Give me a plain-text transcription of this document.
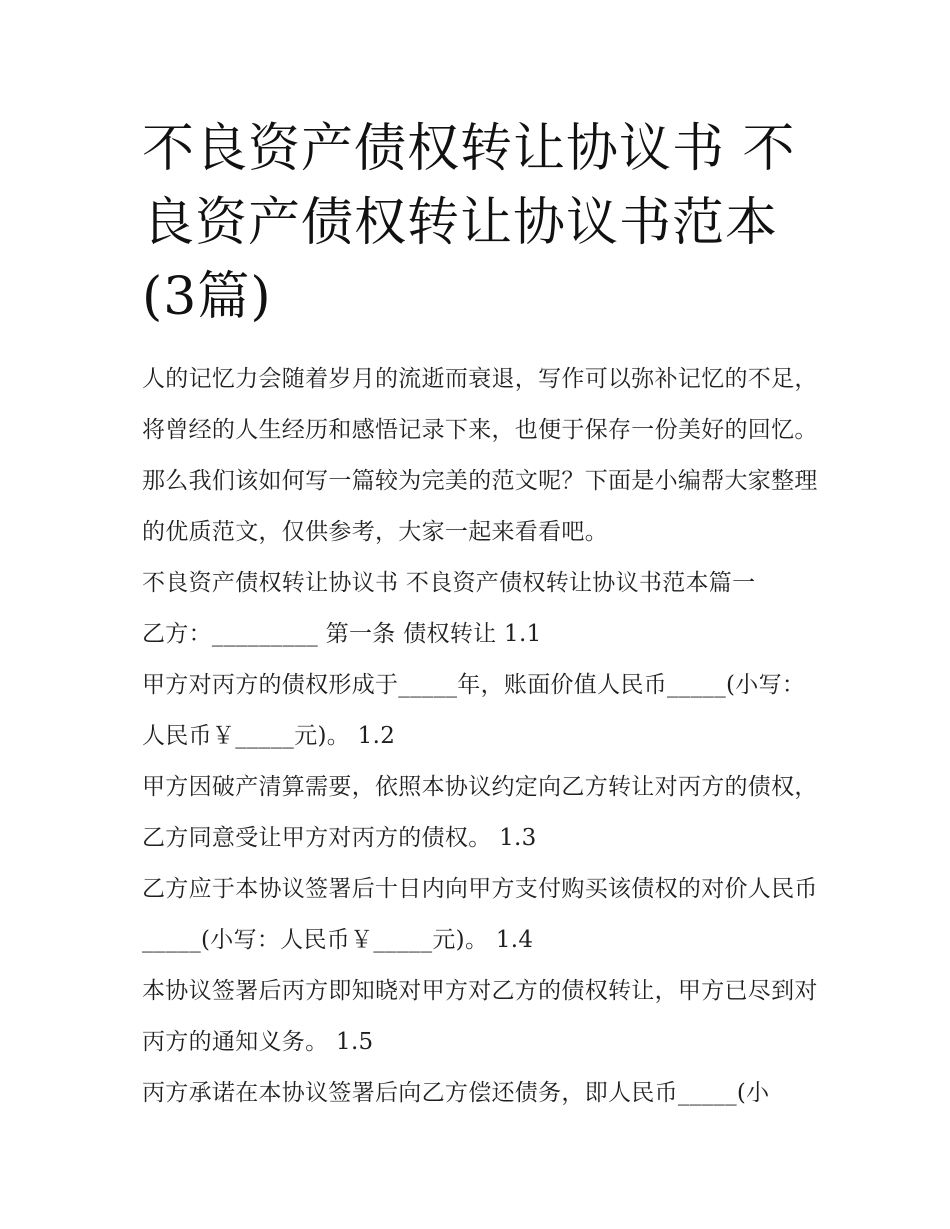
不良资产债权转让协议书 不良资产债权转让协议书范本(3篇)

人的记忆力会随着岁月的流逝而衰退，写作可以弥补记忆的不足，将曾经的人生经历和感悟记录下来，也便于保存一份美好的回忆。那么我们该如何写一篇较为完美的范文呢？下面是小编帮大家整理的优质范文，仅供参考，大家一起来看看吧。

不良资产债权转让协议书 不良资产债权转让协议书范本篇一

乙方：_________ 第一条 债权转让 1.1

甲方对丙方的债权形成于_____年，账面价值人民币_____(小写：人民币￥_____元)。 1.2

甲方因破产清算需要，依照本协议约定向乙方转让对丙方的债权，乙方同意受让甲方对丙方的债权。 1.3

乙方应于本协议签署后十日内向甲方支付购买该债权的对价人民币_____(小写：人民币￥_____元)。 1.4

本协议签署后丙方即知晓对甲方对乙方的债权转让，甲方已尽到对丙方的通知义务。 1.5

丙方承诺在本协议签署后向乙方偿还债务，即人民币_____(小
